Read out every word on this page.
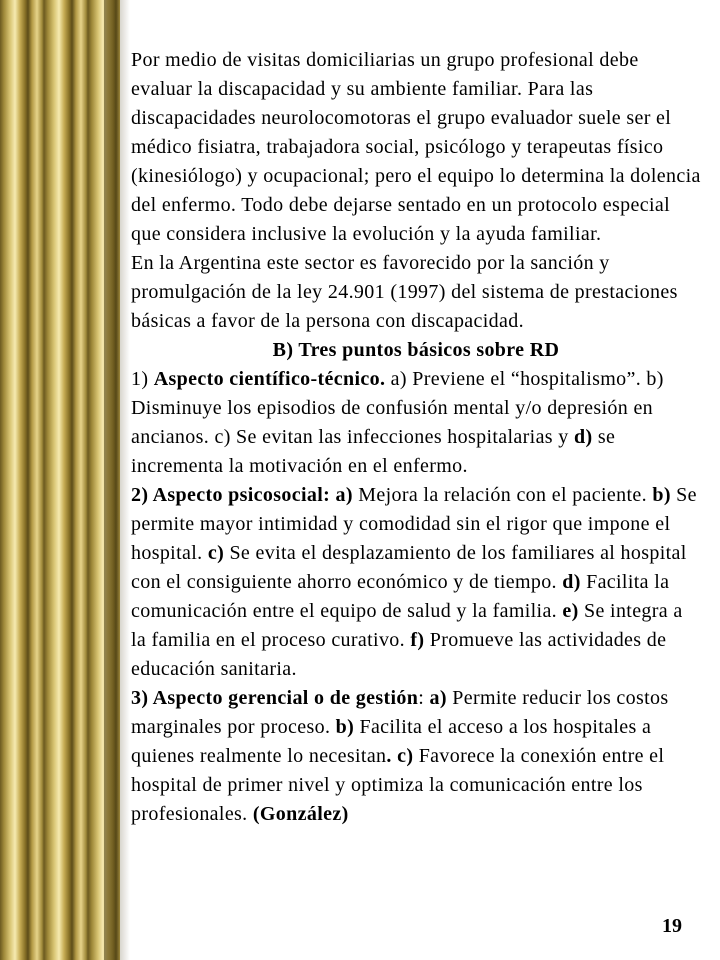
Por medio de visitas domiciliarias un grupo profesional debe evaluar la discapacidad y su ambiente familiar. Para las discapacidades neurolocomotoras el grupo evaluador suele ser el médico fisiatra, trabajadora social, psicólogo y terapeutas físico (kinesiólogo) y ocupacional; pero el equipo lo determina la dolencia del enfermo. Todo debe dejarse sentado en un protocolo especial que considera inclusive la evolución y la ayuda familiar.

En la Argentina este sector es favorecido por la sanción y promulgación de la ley 24.901 (1997) del sistema de prestaciones básicas a favor de la persona con discapacidad.

B) Tres puntos básicos sobre RD

1) Aspecto científico-técnico. a) Previene el “hospitalismo”. b) Disminuye los episodios de confusión mental y/o depresión en ancianos. c) Se evitan las infecciones hospitalarias y d) se incrementa la motivación en el enfermo.

2) Aspecto psicosocial: a) Mejora la relación con el paciente. b) Se permite mayor intimidad y comodidad sin el rigor que impone el hospital. c) Se evita el desplazamiento de los familiares al hospital con el consiguiente ahorro económico y de tiempo. d) Facilita la comunicación entre el equipo de salud y la familia. e) Se integra a la familia en el proceso curativo. f) Promueve las actividades de educación sanitaria.

3) Aspecto gerencial o de gestión: a) Permite reducir los costos marginales por proceso. b) Facilita el acceso a los hospitales a quienes realmente lo necesitan. c) Favorece la conexión entre el hospital de primer nivel y optimiza la comunicación entre los profesionales. (González)

19
